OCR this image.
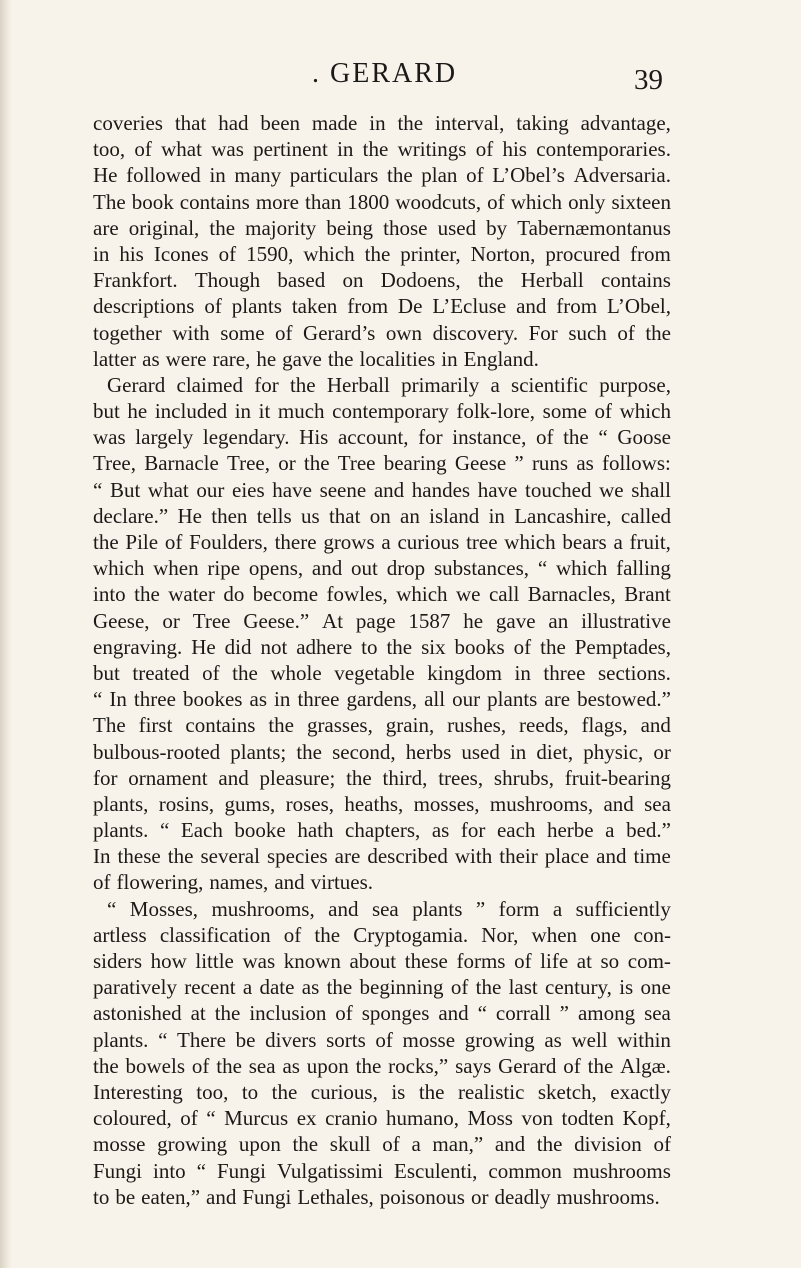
. GERARD	39
coveries that had been made in the interval, taking advantage,
too, of what was pertinent in the writings of his contemporaries.
He followed in many particulars the plan of L’Obel’s Adversaria.
The book contains more than 1800 woodcuts, of which only sixteen
are original, the majority being those used by Tabernæmontanus
in his Icones of 1590, which the printer, Norton, procured from
Frankfort. Though based on Dodoens, the Herball contains
descriptions of plants taken from De L’Ecluse and from L’Obel,
together with some of Gerard’s own discovery. For such of the
latter as were rare, he gave the localities in England.
Gerard claimed for the Herball primarily a scientific purpose,
but he included in it much contemporary folk-lore, some of which
was largely legendary. His account, for instance, of the “ Goose
Tree, Barnacle Tree, or the Tree bearing Geese ” runs as follows:
“ But what our eies have seene and handes have touched we shall
declare.” He then tells us that on an island in Lancashire, called
the Pile of Foulders, there grows a curious tree which bears a fruit,
which when ripe opens, and out drop substances, “ which falling
into the water do become fowles, which we call Barnacles, Brant
Geese, or Tree Geese.” At page 1587 he gave an illustrative
engraving. He did not adhere to the six books of the Pemptades,
but treated of the whole vegetable kingdom in three sections.
“ In three bookes as in three gardens, all our plants are bestowed.”
The first contains the grasses, grain, rushes, reeds, flags, and
bulbous-rooted plants; the second, herbs used in diet, physic, or
for ornament and pleasure; the third, trees, shrubs, fruit-bearing
plants, rosins, gums, roses, heaths, mosses, mushrooms, and sea
plants. “ Each booke hath chapters, as for each herbe a bed.”
In these the several species are described with their place and time
of flowering, names, and virtues.
“ Mosses, mushrooms, and sea plants ” form a sufficiently
artless classification of the Cryptogamia. Nor, when one con-
siders how little was known about these forms of life at so com-
paratively recent a date as the beginning of the last century, is one
astonished at the inclusion of sponges and “ corrall ” among sea
plants. “ There be divers sorts of mosse growing as well within
the bowels of the sea as upon the rocks,” says Gerard of the Algæ.
Interesting too, to the curious, is the realistic sketch, exactly
coloured, of “ Murcus ex cranio humano, Moss von todten Kopf,
mosse growing upon the skull of a man,” and the division of
Fungi into “ Fungi Vulgatissimi Esculenti, common mushrooms
to be eaten,” and Fungi Lethales, poisonous or deadly mushrooms.
